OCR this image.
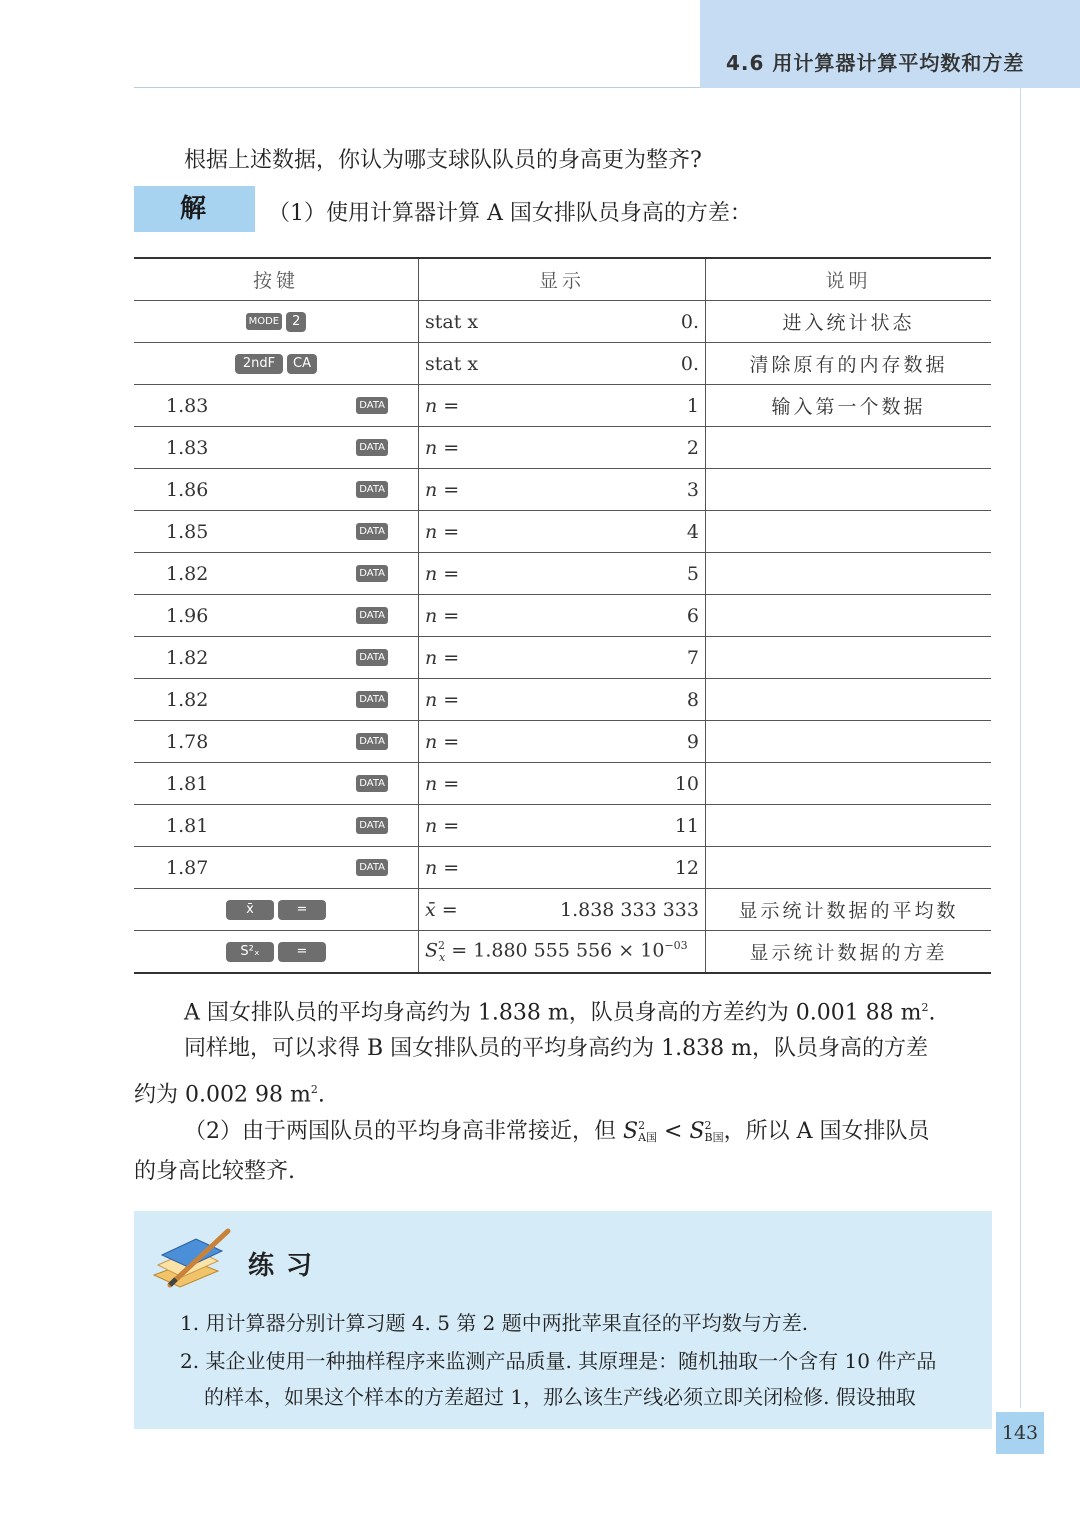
4.6 用计算器计算平均数和方差
根据上述数据，你认为哪支球队队员的身高更为整齐?
解	（1）使用计算器计算 A 国女排队员身高的方差：
按键	显示	说明

MODE 2	stat x 0.	进入统计状态

2ndF CA	stat x 0.	清除原有的内存数据

1.83 DATA	n = 1	输入第一个数据

1.83 DATA	n = 2	

1.86 DATA	n = 3	

1.85 DATA	n = 4	

1.82 DATA	n = 5	

1.96 DATA	n = 6	

1.82 DATA	n = 7	

1.82 DATA	n = 8	

1.78 DATA	n = 9	

1.81 DATA	n = 10	

1.81 DATA	n = 11	

1.87 DATA	n = 12	

x̄ =	x̄ = 1.838 333 333	显示统计数据的平均数

S²ₓ =	$S^2_x = 1.880$ 555 $556 \times 10^{-03}$	显示统计数据的方差
A 国女排队员的平均身高约为 1.838 m，队员身高的方差约为 0.001 88 $m^2$.
同样地，可以求得 B 国女排队员的平均身高约为 1.838 m，队员身高的方差
约为 0.002 98 $m^2$.
（2）由于两国队员的平均身高非常接近，但 S 2
A国 < S 2
B国 ，所以 A 国女排队员
的身高比较整齐.
练习
1. 用计算器分别计算习题 4. 5 第 2 题中两批苹果直径的平均数与方差.
2. 某企业使用一种抽样程序来监测产品质量. 其原理是：随机抽取一个含有 10 件产品
的样本，如果这个样本的方差超过 1，那么该生产线必须立即关闭检修. 假设抽取
143
